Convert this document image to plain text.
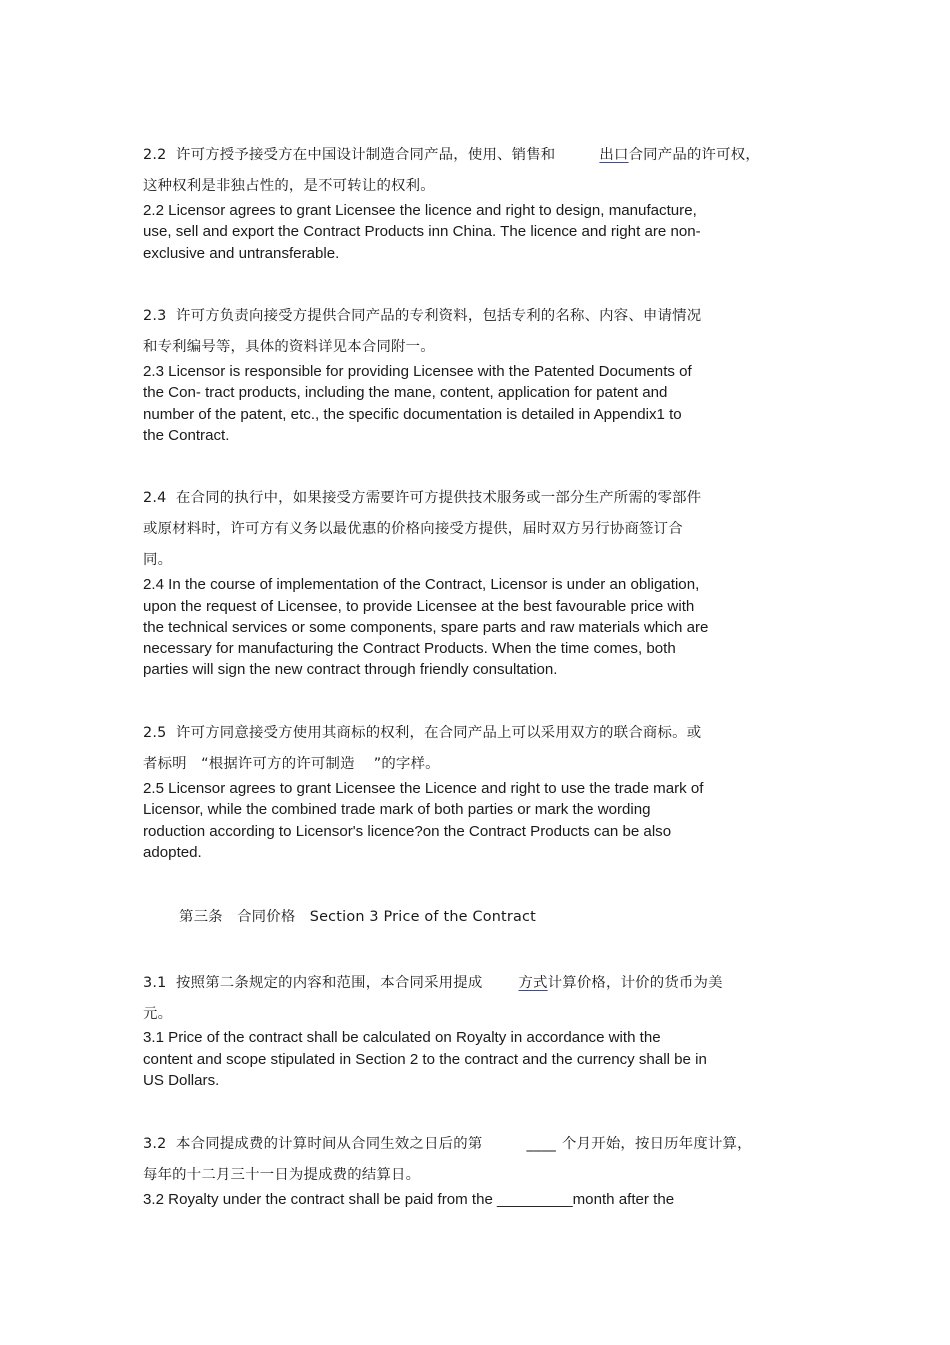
2.2  许可方授予接受方在中国设计制造合同产品，使用、销售和	出口合同产品的许可权，
这种权利是非独占性的，是不可转让的权利。
2.2 Licensor agrees to grant Licensee the licence and right to design, manufacture,
use, sell and export the Contract Products inn China. The licence and right are non-
exclusive and untransferable.
2.3  许可方负责向接受方提供合同产品的专利资料，包括专利的名称、内容、申请情况
和专利编号等，具体的资料详见本合同附一。
2.3 Licensor is responsible for providing Licensee with the Patented Documents of
the Con- tract products, including the mane, content, application for patent and
number of the patent, etc., the specific documentation is detailed in Appendix1 to
the Contract.
2.4  在合同的执行中，如果接受方需要许可方提供技术服务或一部分生产所需的零部件
或原材料时，许可方有义务以最优惠的价格向接受方提供，届时双方另行协商签订合
同。
2.4 In the course of implementation of the Contract, Licensor is under an obligation,
upon the request of Licensee, to provide Licensee at the best favourable price with
the technical services or some components, spare parts and raw materials which are
necessary for manufacturing the Contract Products. When the time comes, both
parties will sign the new contract through friendly consultation.
2.5  许可方同意接受方使用其商标的权利，在合同产品上可以采用双方的联合商标。或
者标明   “根据许可方的许可制造    ”的字样。
2.5 Licensor agrees to grant Licensee the Licence and right to use the trade mark of
Licensor, while the combined trade mark of both parties or mark the wording
roduction according to Licensor's licence?on the Contract Products can be also
adopted.
第三条   合同价格   Section 3 Price of the Contract
3.1  按照第二条规定的内容和范围，本合同采用提成	方式计算价格，计价的货币为美
元。
3.1 Price of the contract shall be calculated on Royalty in accordance with the
content and scope stipulated in Section 2 to the contract and the currency shall be in
US Dollars.
3.2  本合同提成费的计算时间从合同生效之日后的第	____ 个月开始，按日历年度计算，
每年的十二月三十一日为提成费的结算日。
3.2 Royalty under the contract shall be paid from the _________month after the
